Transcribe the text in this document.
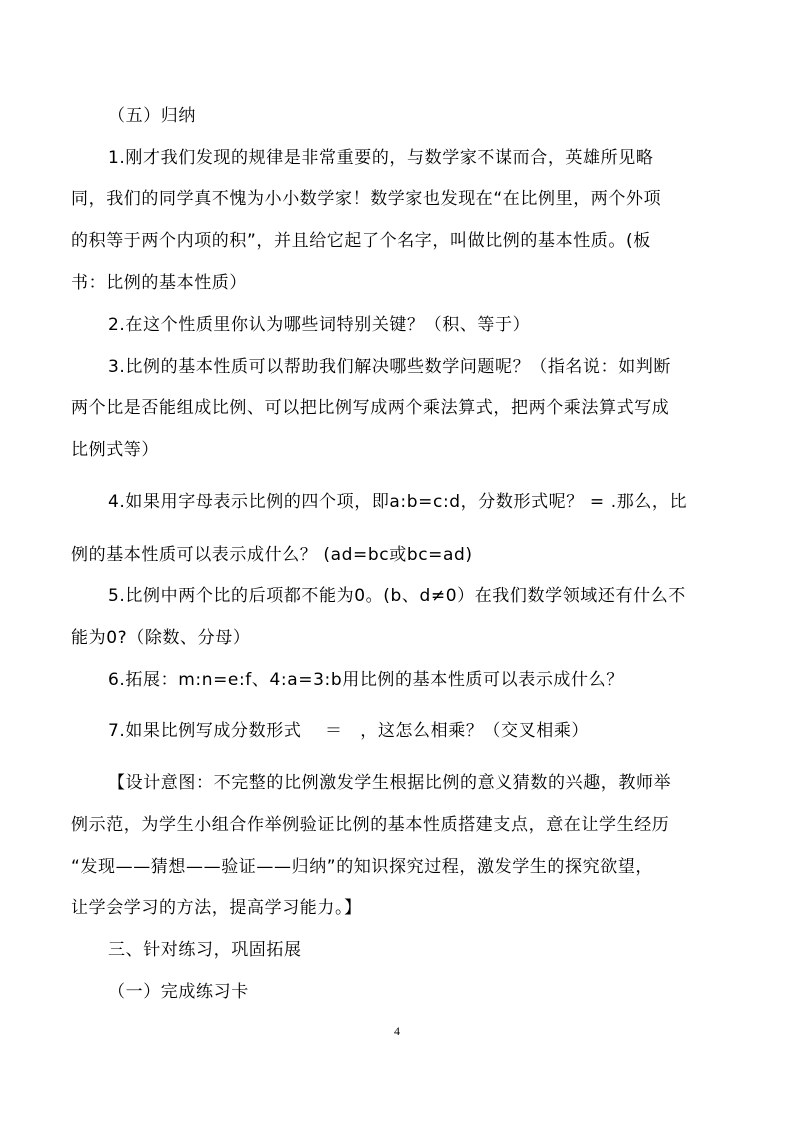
（五）归纳
1.刚才我们发现的规律是非常重要的，与数学家不谋而合，英雄所见略
同，我们的同学真不愧为小小数学家！数学家也发现在“在比例里，两个外项
的积等于两个内项的积”，并且给它起了个名字，叫做比例的基本性质。(板
书：比例的基本性质）
2.在这个性质里你认为哪些词特别关键？（积、等于）
3.比例的基本性质可以帮助我们解决哪些数学问题呢？（指名说：如判断
两个比是否能组成比例、可以把比例写成两个乘法算式，把两个乘法算式写成
比例式等）
4.如果用字母表示比例的四个项，即a:b=c:d，分数形式呢？ = .那么，比
例的基本性质可以表示成什么？ (ad=bc或bc=ad)
5.比例中两个比的后项都不能为0。(b、d≠0）在我们数学领域还有什么不
能为0?（除数、分母）
6.拓展：m:n=e:f、4:a=3:b用比例的基本性质可以表示成什么？
7.如果比例写成分数形式　 ＝　，这怎么相乘？（交叉相乘）
【设计意图：不完整的比例激发学生根据比例的意义猜数的兴趣，教师举
例示范，为学生小组合作举例验证比例的基本性质搭建支点，意在让学生经历
“发现——猜想——验证——归纳”的知识探究过程，激发学生的探究欲望，
让学会学习的方法，提高学习能力。】
三、针对练习，巩固拓展
（一）完成练习卡
4
